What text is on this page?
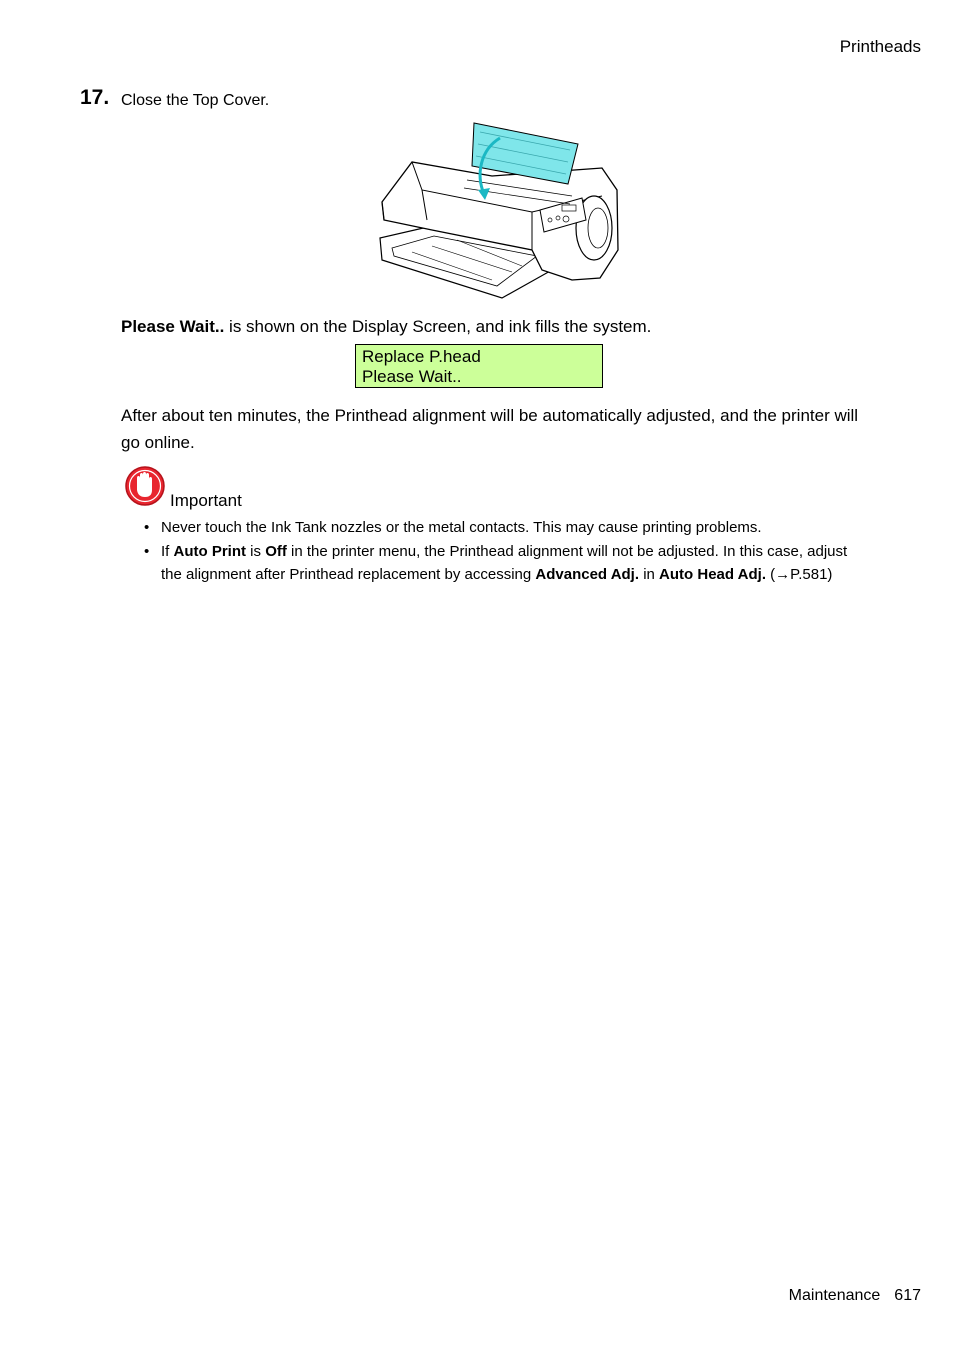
Printheads
17. Close the Top Cover.
Please Wait.. is shown on the Display Screen, and ink fills the system.
Replace P.head
Please Wait..
After about ten minutes, the Printhead alignment will be automatically adjusted, and the printer will go online.
Important
• Never touch the Ink Tank nozzles or the metal contacts. This may cause printing problems.
• If Auto Print is Off in the printer menu, the Printhead alignment will not be adjusted. In this case, adjust the alignment after Printhead replacement by accessing Advanced Adj. in Auto Head Adj. (→P.581)
Maintenance 617
